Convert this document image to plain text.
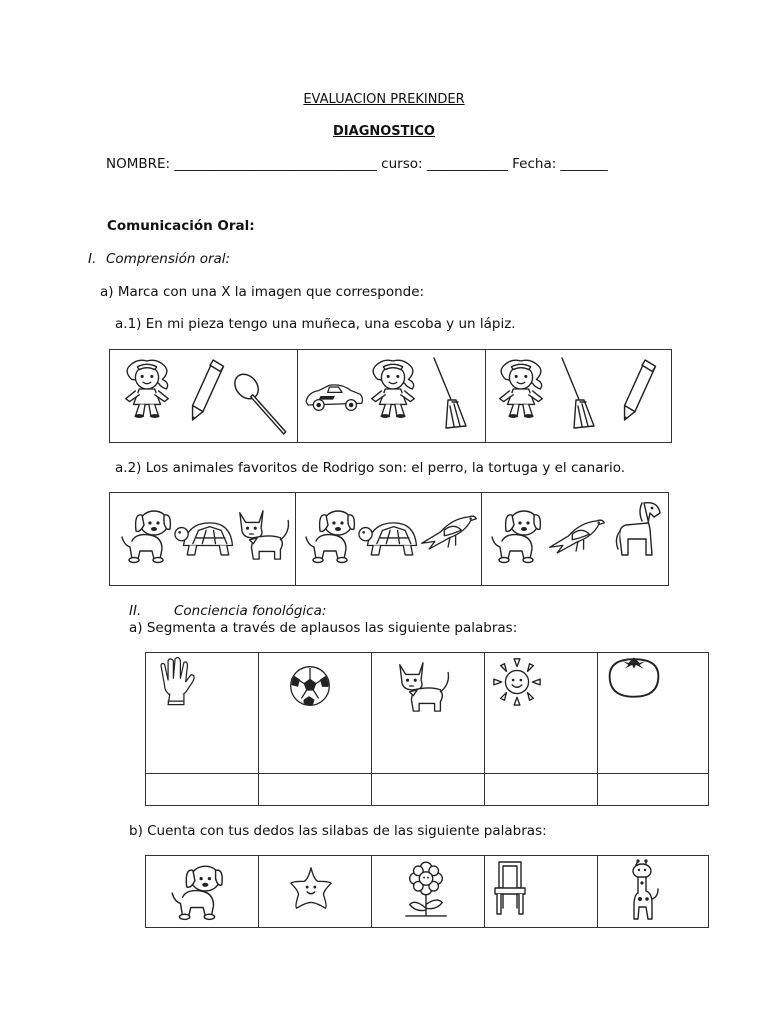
EVALUACION PREKINDER
DIAGNOSTICO
NOMBRE: ______________________________ curso: ____________ Fecha: _______
Comunicación Oral:
I. Comprensión oral:
a) Marca con una X la imagen que corresponde:
a.1) En mi pieza tengo una muñeca, una escoba y un lápiz.
a.2) Los animales favoritos de Rodrigo son: el perro, la tortuga y el canario.
II. Conciencia fonológica:
a) Segmenta a través de aplausos las siguiente palabras:
b) Cuenta con tus dedos las silabas de las siguiente palabras:
